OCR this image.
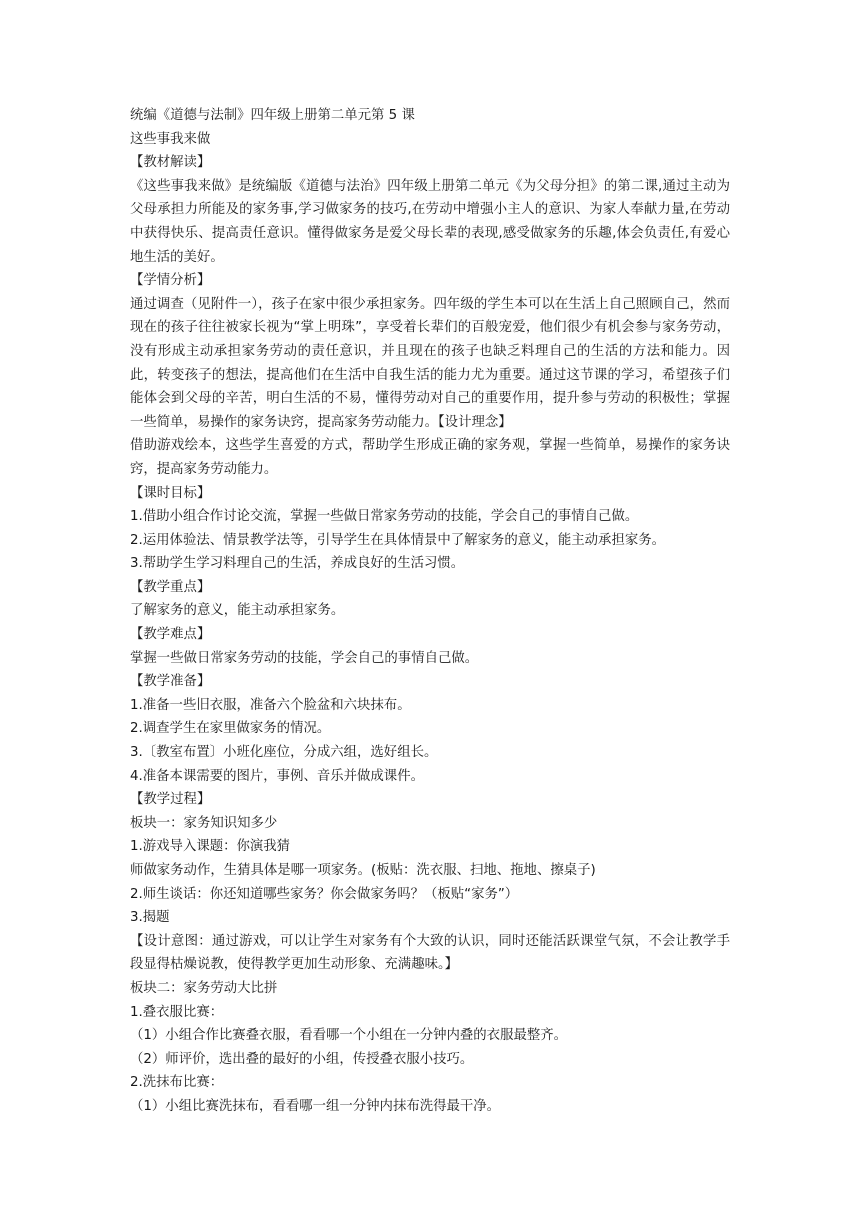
统编《道德与法制》四年级上册第二单元第 5 课

这些事我来做

【教材解读】

《这些事我来做》是统编版《道德与法治》四年级上册第二单元《为父母分担》的第二课,通过主动为父母承担力所能及的家务事,学习做家务的技巧,在劳动中增强小主人的意识、为家人奉献力量,在劳动中获得快乐、提高责任意识。懂得做家务是爱父母长辈的表现,感受做家务的乐趣,体会负责任,有爱心地生活的美好。

【学情分析】

通过调查（见附件一），孩子在家中很少承担家务。四年级的学生本可以在生活上自己照顾自己，然而现在的孩子往往被家长视为“掌上明珠”，享受着长辈们的百般宠爱，他们很少有机会参与家务劳动，没有形成主动承担家务劳动的责任意识，并且现在的孩子也缺乏料理自己的生活的方法和能力。因此，转变孩子的想法，提高他们在生活中自我生活的能力尤为重要。通过这节课的学习，希望孩子们能体会到父母的辛苦，明白生活的不易，懂得劳动对自己的重要作用，提升参与劳动的积极性；掌握一些简单，易操作的家务诀窍，提高家务劳动能力。【设计理念】

借助游戏绘本，这些学生喜爱的方式，帮助学生形成正确的家务观，掌握一些简单，易操作的家务诀窍，提高家务劳动能力。

【课时目标】

1.借助小组合作讨论交流，掌握一些做日常家务劳动的技能，学会自己的事情自己做。

2.运用体验法、情景教学法等，引导学生在具体情景中了解家务的意义，能主动承担家务。

3.帮助学生学习料理自己的生活，养成良好的生活习惯。

【教学重点】

了解家务的意义，能主动承担家务。

【教学难点】

掌握一些做日常家务劳动的技能，学会自己的事情自己做。

【教学准备】

1.准备一些旧衣服，准备六个脸盆和六块抹布。

2.调查学生在家里做家务的情况。

3.〔教室布置〕小班化座位，分成六组，选好组长。

4.准备本课需要的图片，事例、音乐并做成课件。

【教学过程】

板块一：家务知识知多少

1.游戏导入课题：你演我猜

师做家务动作，生猜具体是哪一项家务。(板贴：洗衣服、扫地、拖地、擦桌子)

2.师生谈话：你还知道哪些家务？你会做家务吗？（板贴“家务”）

3.揭题

【设计意图：通过游戏，可以让学生对家务有个大致的认识，同时还能活跃课堂气氛，不会让教学手段显得枯燥说教，使得教学更加生动形象、充满趣味。】

板块二：家务劳动大比拼

1.叠衣服比赛：

（1）小组合作比赛叠衣服，看看哪一个小组在一分钟内叠的衣服最整齐。

（2）师评价，选出叠的最好的小组，传授叠衣服小技巧。

2.洗抹布比赛：

（1）小组比赛洗抹布，看看哪一组一分钟内抹布洗得最干净。
